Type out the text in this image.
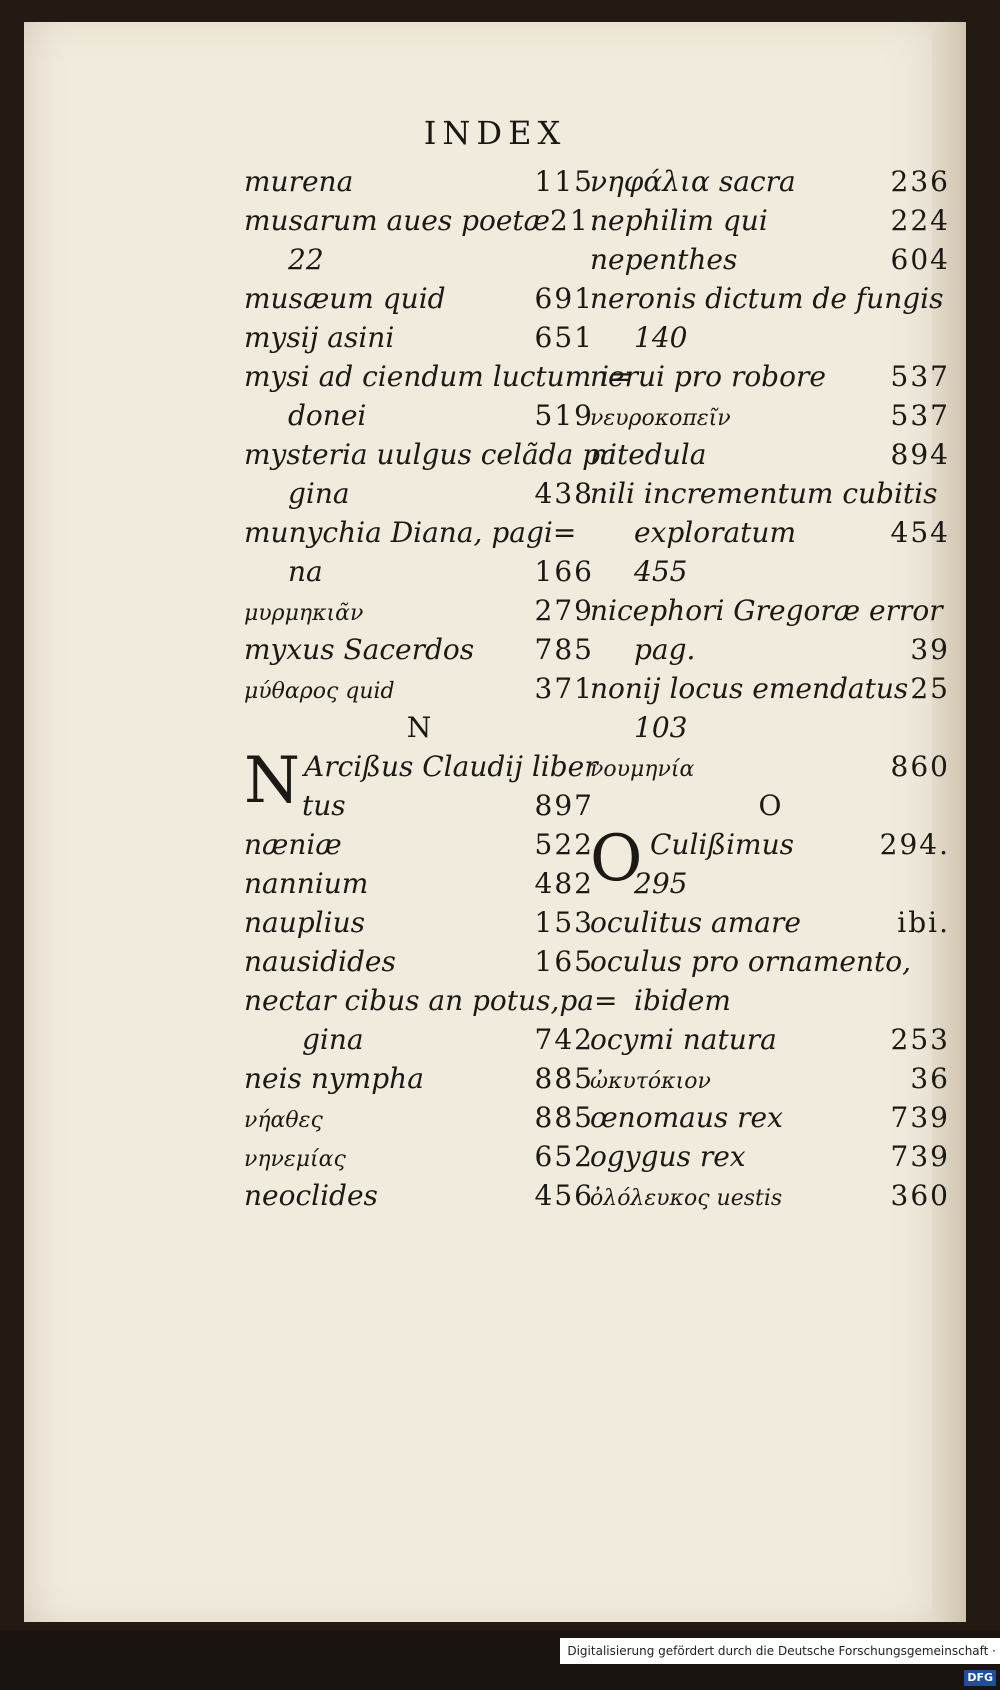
INDEX
murena	115
musarum aues poetæ 21.
22
musæum quid	691
mysij asini	651
mysi ad ciendum luctum i=
donei	519
mysteria uulgus celãda pa
gina	438
munychia Diana, pagi=
na	166
μυρμηκιᾶν	279
myxus Sacerdos 785
μύθαρος quid	371
N
N Arcißus Claudij liber
tus	897
næniæ	522
nannium	482
nauplius	153
nausidides	165
nectar cibus an potus,pa=
gina	742
neis nympha	885
νήαθες	885
νηνεμίας	652
neoclides	456
νηφάλια sacra	236
nephilim qui	224
nepenthes	604
neronis dictum de fungis
140
nerui pro robore 537
νευροκοπεῖν	537
nitedula	894
nili incrementum cubitis
exploratum	454
455
nicephori Gregoræ error
pag.	39
nonij locus emendatus 25
103
νουμηνία	860
O
O Culißimus	294.
295
oculitus amare	ibi.
oculus pro ornamento,
ibidem
ocymi natura	253
ὠκυτόκιον	36
œnomaus rex	739
ogygus rex	739
ὀλόλευκος uestis	360
Digitalisierung gefördert durch die Deutsche Forschungsgemeinschaft ·DFG
